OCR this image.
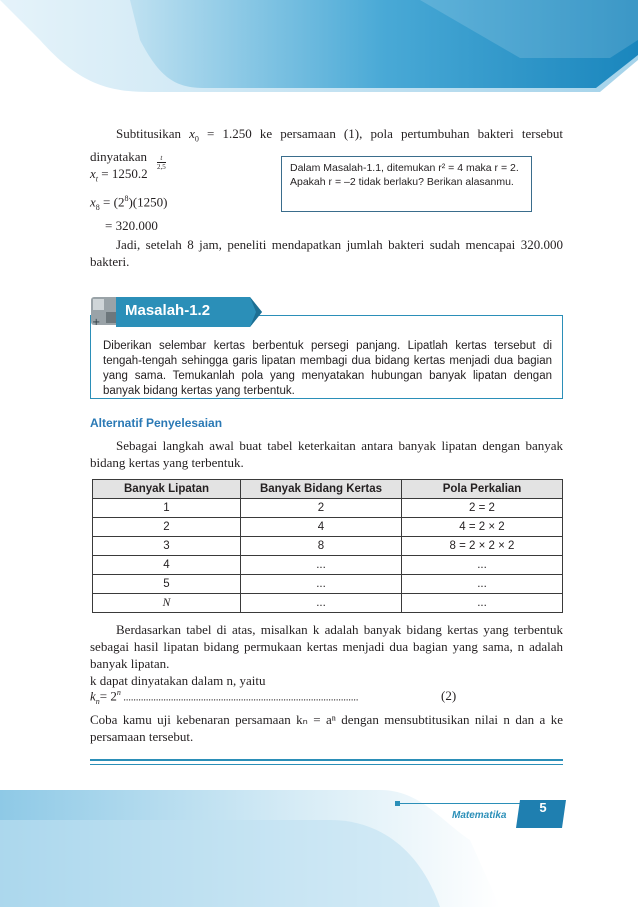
Subtitusikan $x_0 = 1.250$ ke persamaan (1), pola pertumbuhan bakteri tersebut dinyatakan

$x_t = 1250.2$
$\frac{t}{2,5}$
$x_8 = (2^8)(1250)$
= 320.000
Dalam Masalah-1.1, ditemukan r² = 4 maka r = 2. Apakah r = –2 tidak berlaku? Berikan alasanmu.

Jadi, setelah 8 jam, peneliti mendapatkan jumlah bakteri sudah mencapai 320.000 bakteri.

Diberikan selembar kertas berbentuk persegi panjang. Lipatlah kertas tersebut di tengah-tengah sehingga garis lipatan membagi dua bidang kertas menjadi dua bagian yang sama. Temukanlah pola yang menyatakan hubungan banyak lipatan dengan banyak bidang kertas yang terbentuk.
+
Masalah-1.2
Alternatif Penyelesaian

Sebagai langkah awal buat tabel keterkaitan antara banyak lipatan dengan banyak bidang kertas yang terbentuk.

Banyak Lipatan	Banyak Bidang Kertas	Pola Perkalian
1	2	2 = 2
2	4	4 = 2 × 2
3	8	8 = 2 × 2 × 2
4	...	...
5	...	...
N	...	...

Berdasarkan tabel di atas, misalkan k adalah banyak bidang kertas yang terbentuk sebagai hasil lipatan bidang permukaan kertas menjadi dua bagian yang sama, n adalah banyak lipatan.

k dapat dinyatakan dalam n, yaitu

$k_n= 2^n$ ..............................................................................................	(2)

Coba kamu uji kebenaran persamaan kₙ = aⁿ dengan mensubtitusikan nilai n dan a ke persamaan tersebut.

Matematika
5
